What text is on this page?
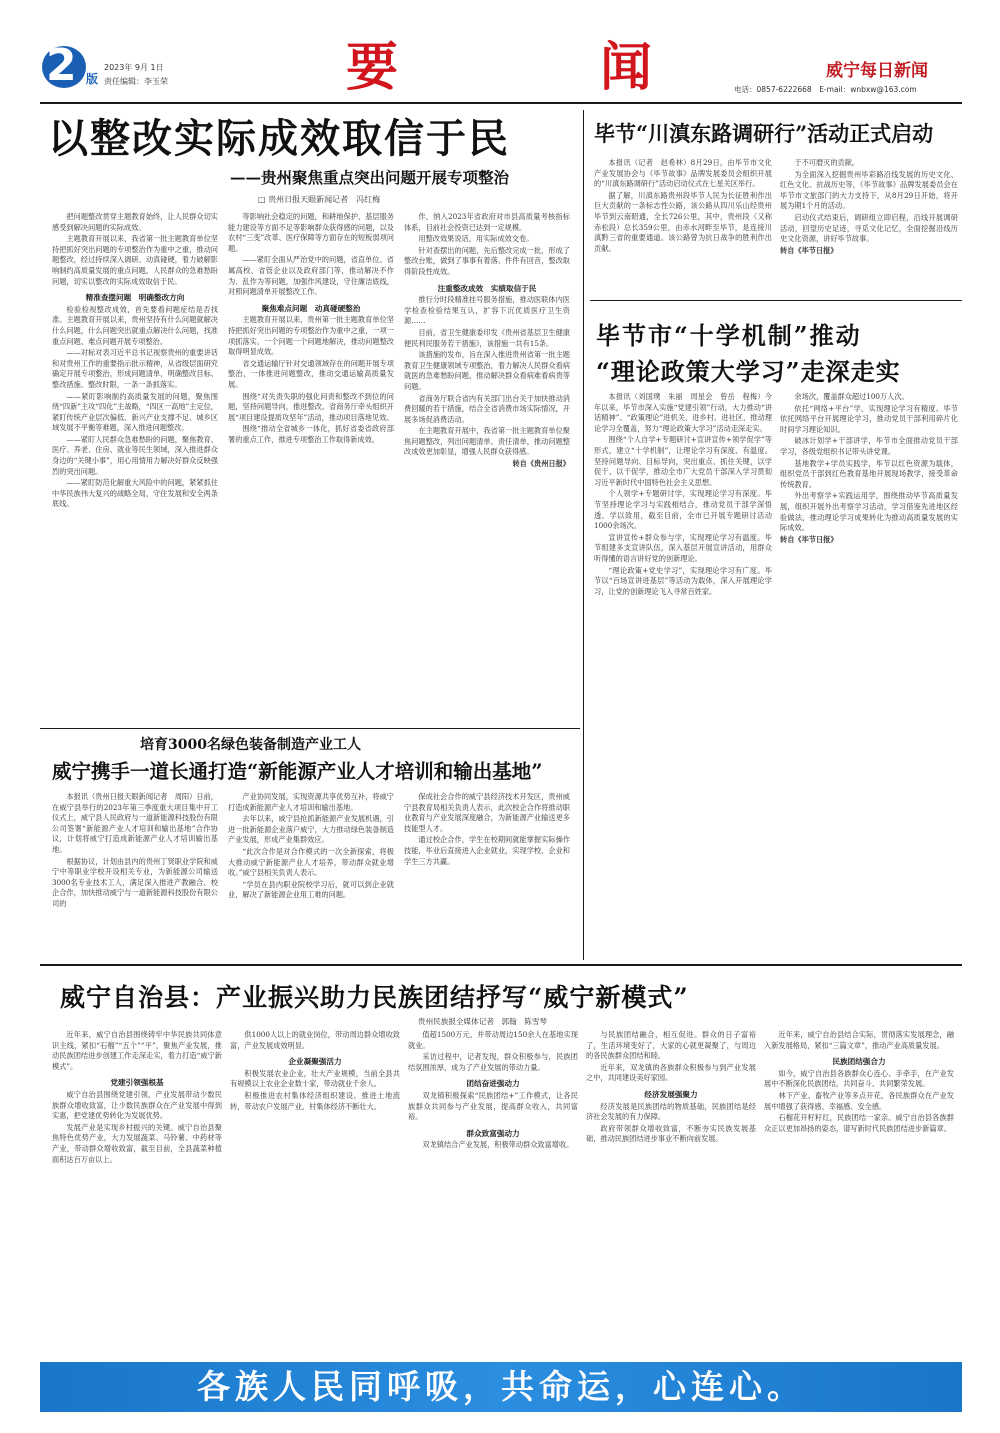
2 版
2023年 9月 1日
责任编辑：李玉荣	要	闻	威宁每日新闻
电话：0857-6222668　E-mail：wnbxw@163.com
以整改实际成效取信于民
——贵州聚焦重点突出问题开展专项整治
□ 贵州日报天眼新闻记者　冯红梅

把问题整改贯穿主题教育始终，让人民群众切实感受到解决问题的实际成效。

主题教育开展以来，我省第一批主题教育单位坚持把抓好突出问题的专项整治作为重中之重，推动问题整改，经过持续深入调研、动真碰硬，着力破解影响制约高质量发展的重点问题，人民群众的急难愁盼问题，切实以整改的实际成效取信于民。

精准查摆问题　明确整改方向

检验检视整改成效，首先要看问题症结是否找准。主题教育开展以来，贵州坚持有什么问题就解决什么问题，什么问题突出就重点解决什么问题，找准重点问题、难点问题开展专项整治。

——对标对表习近平总书记视察贵州的重要讲话和对贵州工作的重要指示批示精神，从省级层面研究确定开展专项整治，形成问题清单，明确整改目标、整改措施、整改时限，一条一条抓落实。

——紧盯影响制约高质量发展的问题，聚焦围绕“四新”主攻“四化”主战略，“四区一高地”主定位，紧盯传统产业层次偏低、新兴产业支撑不足、城乡区域发展不平衡等难题，深入推进问题整改。

——紧盯人民群众急难愁盼的问题，聚焦教育、医疗、养老、住房、就业等民生领域，深入推进群众身边的“关键小事”，用心用情用力解决好群众反映强烈的突出问题。

——紧盯防范化解重大风险中的问题，紧紧抓住中华民族伟大复兴的战略全局，守住发展和安全两条底线。

等影响社会稳定的问题，和耕地保护、基层服务能力建设等方面不足等影响群众获得感的问题，以及农村“三变”改革、医疗保障等方面存在的短板弱项问题。

——紧盯全面从严治党中的问题，省直单位、省属高校、省管企业以及政府部门等，推动解决不作为、乱作为等问题，加强作风建设，守住廉洁底线，对照问题清单开展整改工作。

聚焦难点问题　动真碰硬整治

主题教育开展以来，贵州第一批主题教育单位坚持把抓好突出问题的专项整治作为重中之重，一项一项抓落实，一个问题一个问题地解决，推动问题整改取得明显成效。

省交通运输厅针对交通领域存在的问题开展专项整治，一体推进问题整改，推动交通运输高质量发展。

围绕“对失责失职的强化问责和整改不到位的问题，坚持问题导向，推进整改。省商务厅牵头组织开展“项目建设提质攻坚年”活动，推动项目落地见效。

围绕“推动全省城乡一体化，抓好省委省政府部署的重点工作，推进专项整治工作取得新成效。

作，纳入2023年省政府对市县高质量考核指标体系，目前社会投资已达到一定规模。

用整改效果说话，用实际成效交卷。

针对查摆出的问题，先后整改完成一批，形成了整改台账，做到了事事有着落、件件有回音，整改取得阶段性成效。

注重整改成效　实绩取信于民

推行分时段精准挂号服务措施，推动医联体内医学检查检验结果互认，扩容下沉优质医疗卫生资源……

目前，省卫生健康委印发《贵州省基层卫生健康便民利民服务若干措施》，该措施一共有15条。

该措施的发布，旨在深入推进贵州省第一批主题教育卫生健康领域专项整治，着力解决人民群众看病就医的急难愁盼问题，推动解决群众看病难看病贵等问题。

省商务厅联合省内有关部门出台关于加快推动消费回暖的若干措施，结合全省消费市场实际情况，开展多场促消费活动。

在主题教育开展中，我省第一批主题教育单位聚焦问题整改，列出问题清单、责任清单，推动问题整改成效更加彰显，增强人民群众获得感。

转自《贵州日报》

毕节“川滇东路调研行”活动正式启动

本报讯（记者　赵希林）8月29日，由毕节市文化产业发展协会与《毕节故事》品牌发展委员会组织开展的“川滇东路调研行”活动启动仪式在七星关区举行。

据了解，川滇东路贵州段毕节人民为长征胜利作出巨大贡献的一条标志性公路，该公路从四川乐山经贵州毕节到云南昭通，全长726公里，其中，贵州段（又称赤松段）总长359公里，由赤水河畔至毕节，是连接川滇黔三省的重要通道。该公路曾为抗日战争的胜利作出贡献。

于不可磨灭的贡献。

为全面深入挖掘贵州毕彩路沿线发展的历史文化、红色文化、抗战历史等，《毕节故事》品牌发展委员会在毕节市文旅部门的大力支持下，从8月29日开始，将开展为期1个月的活动。

启动仪式结束后，调研组立即启程，沿线开展调研活动，回望历史足迹，寻觅文化记忆，全面挖掘沿线历史文化资源，讲好毕节故事。

转自《毕节日报》

毕节市“十学机制”推动
“理论政策大学习”走深走实

本报讯（刘国璞　朱丽　周星会　曾岳　程梅）今年以来，毕节市深入实施“党建引领”行动，大力推动“讲话精神”、“政策理论”进机关、进乡村、进社区，推动理论学习全覆盖，努力“理论政策大学习”活动走深走实。

围绕“个人自学+专题研讨+宣讲宣传+领学促学”等形式，建立“十学机制”，让理论学习有深度、有温度。坚持问题导向、目标导向，突出重点、抓住关键，以学促干、以干促学，推动全市广大党员干部深入学习贯彻习近平新时代中国特色社会主义思想。

个人领学+专题研讨学，实现理论学习有深度。毕节坚持理论学习与实践相结合，推动党员干部学深悟透、学以致用，截至目前，全市已开展专题研讨活动1000余场次。

宣讲宣传+群众参与学，实现理论学习有温度。毕节组建多支宣讲队伍，深入基层开展宣讲活动，用群众听得懂的语言讲好党的创新理论。

“理论政策+党史学习”，实现理论学习有广度。毕节以“百场宣讲进基层”等活动为载体，深入开展理论学习，让党的创新理论飞入寻常百姓家。

余场次，覆盖群众超过100万人次。

依托“网络+平台”学，实现理论学习有精度。毕节依托网络平台开展理论学习，推动党员干部利用碎片化时间学习理论知识。

破冰计划学+干部讲学，毕节市全面推动党员干部学习，各级党组织书记带头讲党课。

基地教学+学员实践学，毕节以红色资源为载体，组织党员干部到红色教育基地开展现场教学，接受革命传统教育。

外出考察学+实践运用学，围绕推动毕节高质量发展，组织开展外出考察学习活动，学习借鉴先进地区经验做法，推动理论学习成果转化为推动高质量发展的实际成效。

转自《毕节日报》

培育3000名绿色装备制造产业工人
威宁携手一道长通打造“新能源产业人才培训和输出基地”

本报讯（贵州日报天眼新闻记者　周阳）日前，在威宁县举行的2023年第三季度重大项目集中开工仪式上，威宁县人民政府与一道新能源科技股份有限公司签署“新能源产业人才培训和输出基地”合作协议，计划将威宁打造成新能源产业人才培训输出基地。

根据协议，计划由县内的贵州丁贤职业学院和威宁中等职业学校开设相关专业，为新能源公司输送3000名专业技术工人，满足深入推进产教融合、校企合作，加快推动威宁与一道新能源科技股份有限公司的

产业协同发展，实现资源共享优势互补，将威宁打造成新能源产业人才培训和输出基地。

去年以来，威宁县抢抓新能源产业发展机遇，引进一批新能源企业落户威宁，大力推动绿色装备制造产业发展，形成产业集群效应。

“此次合作是对合作模式的一次全新探索，将极大推动威宁新能源产业人才培养，带动群众就业增收。”威宁县相关负责人表示。

“学员在县内职业院校学习后，就可以到企业就业，解决了新能源企业用工难的问题。

保成社会合作的威宁县经济技术开发区，贵州威宁县教育局相关负责人表示，此次校企合作将推动职业教育与产业发展深度融合，为新能源产业输送更多技能型人才。

通过校企合作，学生在校期间就能掌握实际操作技能，毕业后直接进入企业就业，实现学校、企业和学生三方共赢。

威宁自治县：产业振兴助力民族团结抒写“威宁新模式”
贵州民族报全媒体记者　郭翰　陈雪琴

近年来，威宁自治县围绕铸牢中华民族共同体意识主线，紧扣“石榴”“五个”“平”，聚焦产业发展，推动民族团结进步创建工作走深走实，着力打造“威宁新模式”。

党建引领强根基

威宁自治县围绕党建引领，产业发展带动少数民族群众增收致富，让少数民族群众在产业发展中得到实惠，把党建优势转化为发展优势。

发展产业是实现乡村振兴的关键。威宁自治县聚焦特色优势产业，大力发展蔬菜、马铃薯、中药材等产业，带动群众增收致富，截至目前，全县蔬菜种植面积达百万亩以上。

供1000人以上的就业岗位，带动周边群众增收致富，产业发展成效明显。

企业凝聚强活力

积极发展农业企业，壮大产业规模，当前全县共有规模以上农业企业数十家，带动就业千余人。

积极推进农村集体经济组织建设，推进土地流转，带动农户发展产业，村集体经济不断壮大。

值超1500万元，并带动周边150余人在基地实现就业。

采访过程中，记者发现，群众积极参与，民族团结氛围浓厚，成为了产业发展的带动力量。

团结奋进强动力

双龙镇积极探索“民族团结+”工作模式，让各民族群众共同参与产业发展，提高群众收入，共同富裕。

群众致富强动力

双龙镇结合产业发展，积极带动群众致富增收。

与民族团结融合，相互促进。群众的日子富裕了，生活环境变好了，大家的心就更凝聚了，与周边的各民族群众团结和睦。

近年来，双龙镇的各族群众积极参与到产业发展之中，共同建设美好家园。

经济发展强聚力

经济发展是民族团结的物质基础，民族团结是经济社会发展的有力保障。

政府带领群众增收致富，不断夯实民族发展基础，推动民族团结进步事业不断向前发展。

近年来，威宁自治县结合实际，贯彻落实发展理念，融入新发展格局，紧扣“三篇文章”，推动产业高质量发展。

民族团结强合力

如今，威宁自治县各族群众心连心、手牵手，在产业发展中不断深化民族团结，共同奋斗、共同繁荣发展。

林下产业、畜牧产业等多点开花，各民族群众在产业发展中增强了获得感、幸福感、安全感。

石榴花开籽籽红，民族团结一家亲。威宁自治县各族群众正以更加昂扬的姿态，谱写新时代民族团结进步新篇章。

各族人民同呼吸，共命运，心连心。
